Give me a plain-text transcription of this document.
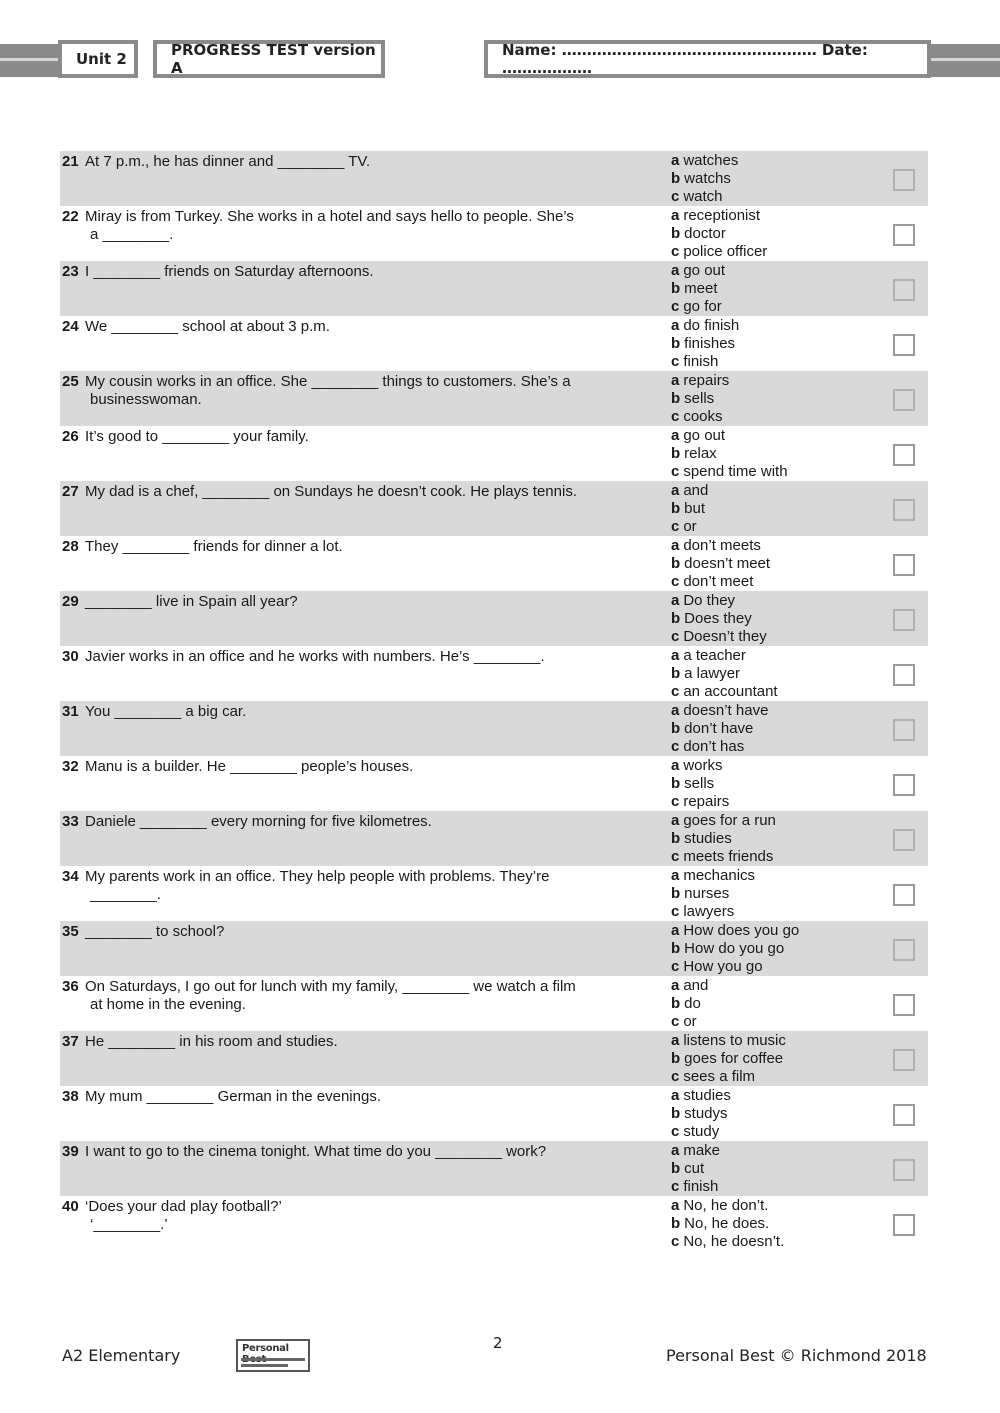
Unit 2	PROGRESS TEST version A
Name: …………………………………………… Date: ………………
21 At 7 p.m., he has dinner and ________ TV.	a watches
b watchs
c watch
22 Miray is from Turkey. She works in a hotel and says hello to people. She’s
a ________.
a receptionist
b doctor
c police officer
23 I ________ friends on Saturday afternoons.	a go out
b meet
c go for
24 We ________ school at about 3 p.m.	a do finish
b finishes
c finish
25 My cousin works in an office. She ________ things to customers. She’s a
businesswoman.
a repairs
b sells
c cooks
26 It’s good to ________ your family.	a go out
b relax
c spend time with
27 My dad is a chef, ________ on Sundays he doesn’t cook. He plays tennis.	a and
b but
c or
28 They ________ friends for dinner a lot.	a don’t meets
b doesn’t meet
c don’t meet
29 ________ live in Spain all year?	a Do they
b Does they
c Doesn’t they
30 Javier works in an office and he works with numbers. He’s ________.	a a teacher
b a lawyer
c an accountant
31 You ________ a big car.	a doesn’t have
b don’t have
c don’t has
32 Manu is a builder. He ________ people’s houses.	a works
b sells
c repairs
33 Daniele ________ every morning for five kilometres.	a goes for a run
b studies
c meets friends
34 My parents work in an office. They help people with problems. They’re
________.
a mechanics
b nurses
c lawyers
35 ________ to school?	a How does you go
b How do you go
c How you go
36 On Saturdays, I go out for lunch with my family, ________ we watch a film
at home in the evening.
a and
b do
c or
37 He ________ in his room and studies.	a listens to music
b goes for coffee
c sees a film
38 My mum ________ German in the evenings.	a studies
b studys
c study
39 I want to go to the cinema tonight. What time do you ________ work?	a make
b cut
c finish
40 ‘Does your dad play football?’
‘________.’
a No, he don’t.
b No, he does.
c No, he doesn’t.
A2 Elementary	Personal	2
Personal Best © Richmond 2018
